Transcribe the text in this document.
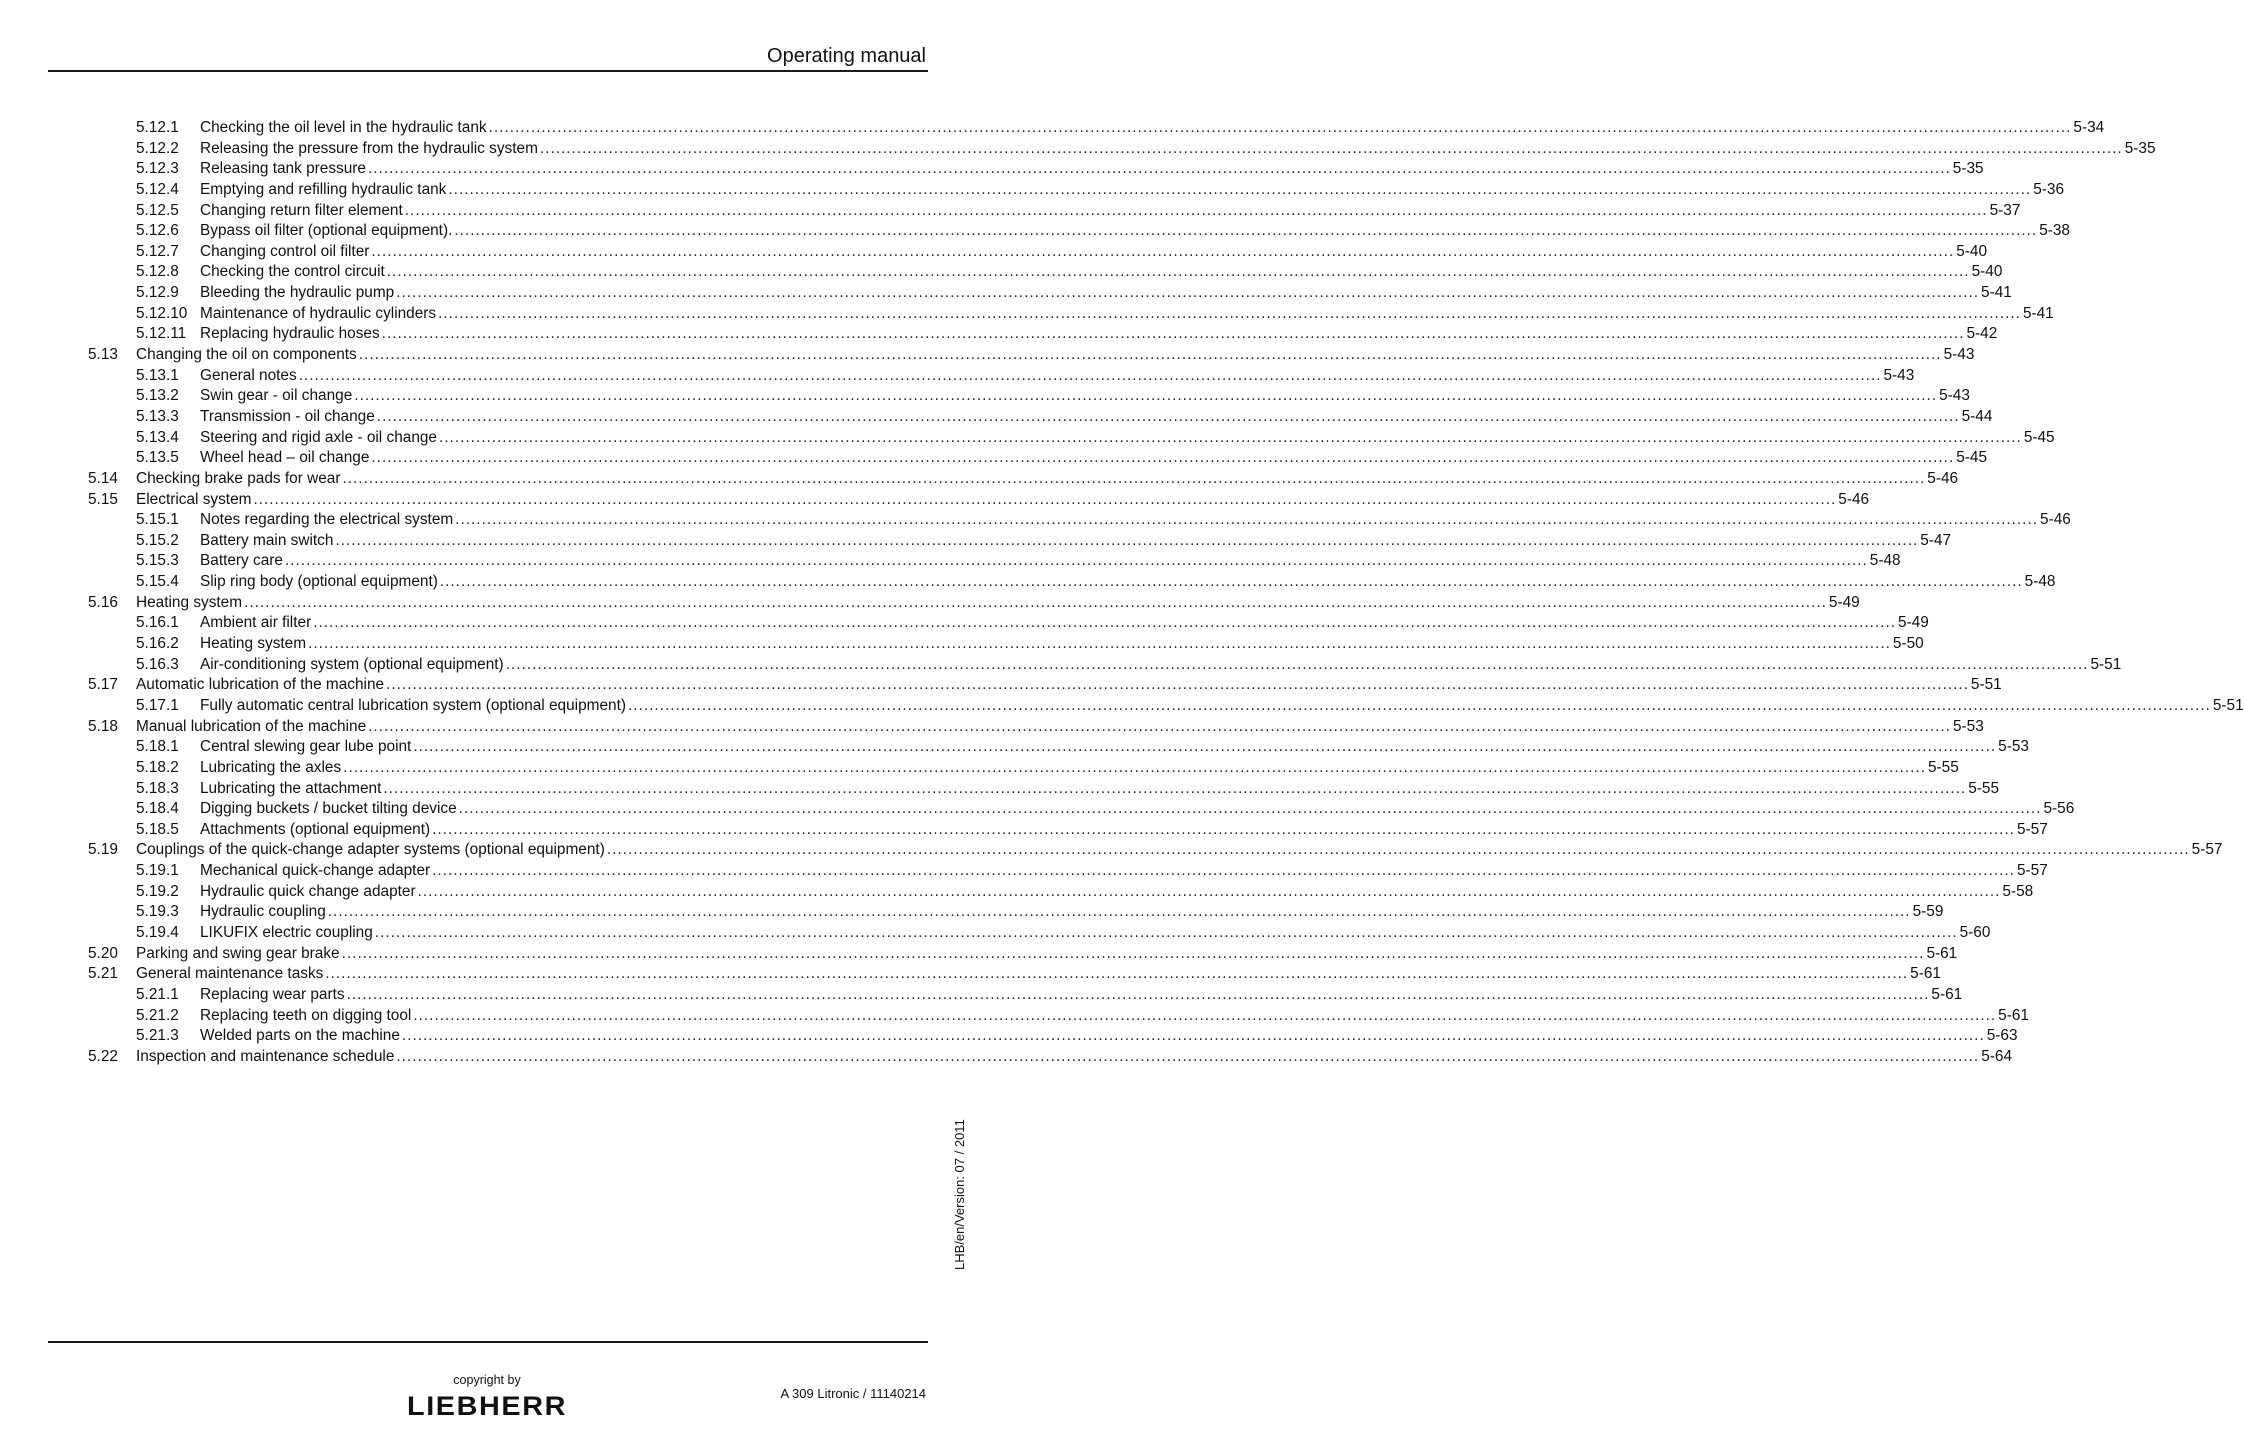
Operating manual
5.12.1	Checking the oil level in the hydraulic tank ............................................................................................................................................................................................................................................................................................................ 5-34
5.12.2	Releasing the pressure from the hydraulic system ............................................................................................................................................................................................................................................................................................................ 5-35
5.12.3	Releasing tank pressure ............................................................................................................................................................................................................................................................................................................ 5-35
5.12.4	Emptying and refilling hydraulic tank ............................................................................................................................................................................................................................................................................................................ 5-36
5.12.5	Changing return filter element ............................................................................................................................................................................................................................................................................................................ 5-37
5.12.6	Bypass oil filter (optional equipment). ............................................................................................................................................................................................................................................................................................................ 5-38
5.12.7	Changing control oil filter ............................................................................................................................................................................................................................................................................................................ 5-40
5.12.8	Checking the control circuit ............................................................................................................................................................................................................................................................................................................ 5-40
5.12.9	Bleeding the hydraulic pump ............................................................................................................................................................................................................................................................................................................ 5-41
5.12.10 Maintenance of hydraulic cylinders ............................................................................................................................................................................................................................................................................................................ 5-41
5.12.11 Replacing hydraulic hoses ............................................................................................................................................................................................................................................................................................................ 5-42
5.13	Changing the oil on components ............................................................................................................................................................................................................................................................................................................ 5-43
5.13.1	General notes ............................................................................................................................................................................................................................................................................................................ 5-43
5.13.2	Swin gear - oil change ............................................................................................................................................................................................................................................................................................................ 5-43
5.13.3	Transmission - oil change ............................................................................................................................................................................................................................................................................................................ 5-44
5.13.4	Steering and rigid axle - oil change ............................................................................................................................................................................................................................................................................................................ 5-45
5.13.5	Wheel head – oil change ............................................................................................................................................................................................................................................................................................................ 5-45
5.14	Checking brake pads for wear ............................................................................................................................................................................................................................................................................................................ 5-46
5.15	Electrical system ............................................................................................................................................................................................................................................................................................................ 5-46
5.15.1	Notes regarding the electrical system ............................................................................................................................................................................................................................................................................................................ 5-46
5.15.2	Battery main switch ............................................................................................................................................................................................................................................................................................................ 5-47
5.15.3	Battery care ............................................................................................................................................................................................................................................................................................................ 5-48
5.15.4	Slip ring body (optional equipment) ............................................................................................................................................................................................................................................................................................................ 5-48
5.16	Heating system ............................................................................................................................................................................................................................................................................................................ 5-49
5.16.1	Ambient air filter ............................................................................................................................................................................................................................................................................................................ 5-49
5.16.2	Heating system ............................................................................................................................................................................................................................................................................................................ 5-50
5.16.3	Air-conditioning system (optional equipment) ............................................................................................................................................................................................................................................................................................................ 5-51
5.17	Automatic lubrication of the machine ............................................................................................................................................................................................................................................................................................................ 5-51
5.17.1	Fully automatic central lubrication system (optional equipment) ............................................................................................................................................................................................................................................................................................................ 5-51
5.18	Manual lubrication of the machine ............................................................................................................................................................................................................................................................................................................ 5-53
5.18.1	Central slewing gear lube point ............................................................................................................................................................................................................................................................................................................ 5-53
5.18.2	Lubricating the axles ............................................................................................................................................................................................................................................................................................................ 5-55
5.18.3	Lubricating the attachment ............................................................................................................................................................................................................................................................................................................ 5-55
5.18.4	Digging buckets / bucket tilting device ............................................................................................................................................................................................................................................................................................................ 5-56
5.18.5	Attachments (optional equipment) ............................................................................................................................................................................................................................................................................................................ 5-57
5.19	Couplings of the quick-change adapter systems (optional equipment) ............................................................................................................................................................................................................................................................................................................ 5-57
5.19.1	Mechanical quick-change adapter ............................................................................................................................................................................................................................................................................................................ 5-57
5.19.2	Hydraulic quick change adapter ............................................................................................................................................................................................................................................................................................................ 5-58
5.19.3	Hydraulic coupling ............................................................................................................................................................................................................................................................................................................ 5-59
5.19.4	LIKUFIX electric coupling ............................................................................................................................................................................................................................................................................................................ 5-60
5.20	Parking and swing gear brake ............................................................................................................................................................................................................................................................................................................ 5-61
5.21	General maintenance tasks ............................................................................................................................................................................................................................................................................................................ 5-61
5.21.1	Replacing wear parts ............................................................................................................................................................................................................................................................................................................ 5-61
5.21.2	Replacing teeth on digging tool ............................................................................................................................................................................................................................................................................................................ 5-61
5.21.3	Welded parts on the machine ............................................................................................................................................................................................................................................................................................................ 5-63
5.22	Inspection and maintenance schedule ............................................................................................................................................................................................................................................................................................................ 5-64
LHB/en/Version: 07 / 2011
copyright by
LIEBHERR	A 309 Litronic / 11140214
